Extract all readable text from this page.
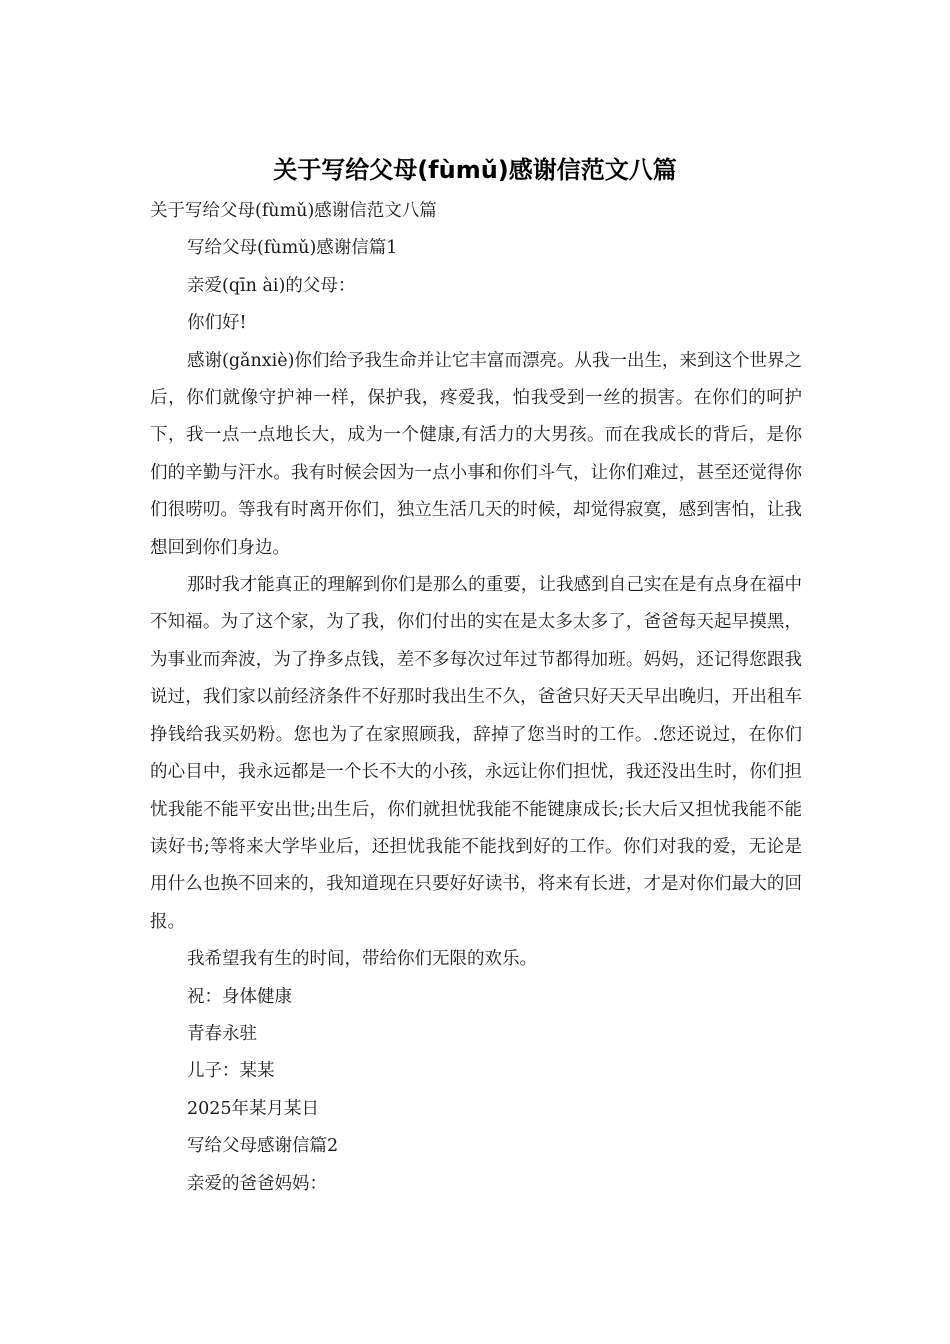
关于写给父母(fùmǔ)感谢信范文八篇

关于写给父母(fùmǔ)感谢信范文八篇

写给父母(fùmǔ)感谢信篇1

亲爱(qīn ài)的父母：

你们好!

感谢(gǎnxiè)你们给予我生命并让它丰富而漂亮。从我一出生，来到这个世界之后，你们就像守护神一样，保护我，疼爱我，怕我受到一丝的损害。在你们的呵护下，我一点一点地长大，成为一个健康,有活力的大男孩。而在我成长的背后，是你们的辛勤与汗水。我有时候会因为一点小事和你们斗气，让你们难过，甚至还觉得你们很唠叨。等我有时离开你们，独立生活几天的时候，却觉得寂寞，感到害怕，让我想回到你们身边。

那时我才能真正的理解到你们是那么的重要，让我感到自己实在是有点身在福中不知福。为了这个家，为了我，你们付出的实在是太多太多了，爸爸每天起早摸黑，为事业而奔波，为了挣多点钱，差不多每次过年过节都得加班。妈妈，还记得您跟我说过，我们家以前经济条件不好那时我出生不久，爸爸只好天天早出晚归，开出租车挣钱给我买奶粉。您也为了在家照顾我，辞掉了您当时的工作。.您还说过，在你们的心目中，我永远都是一个长不大的小孩，永远让你们担忧，我还没出生时，你们担忧我能不能平安出世;出生后，你们就担忧我能不能键康成长;长大后又担忧我能不能读好书;等将来大学毕业后，还担忧我能不能找到好的工作。你们对我的爱，无论是用什么也换不回来的，我知道现在只要好好读书，将来有长进，才是对你们最大的回报。

我希望我有生的时间，带给你们无限的欢乐。

祝：身体健康

青春永驻

儿子：某某

2025年某月某日

写给父母感谢信篇2

亲爱的爸爸妈妈：
